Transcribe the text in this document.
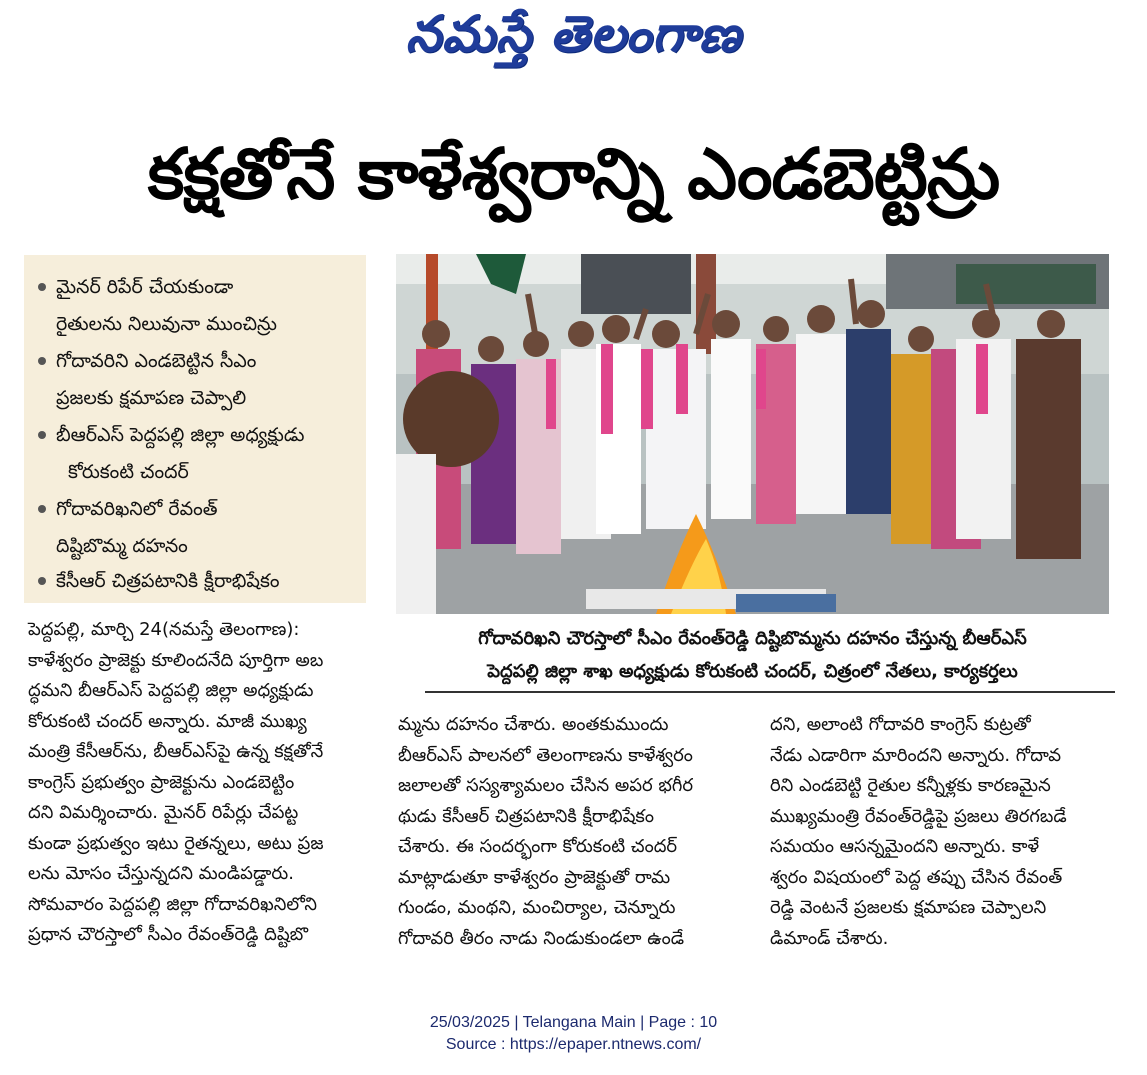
నమస్తే తెలంగాణ
కక్షతోనే కాళేశ్వరాన్ని ఎండబెట్టిన్రు
మైనర్ రిపేర్ చేయకుండా
రైతులను నిలువునా ముంచిన్రు
గోదావరిని ఎండబెట్టిన సీఎం
ప్రజలకు క్షమాపణ చెప్పాలి
బీఆర్ఎస్ పెద్దపల్లి జిల్లా అధ్యక్షుడు
కోరుకంటి చందర్
గోదావరిఖనిలో రేవంత్
దిష్టిబొమ్మ దహనం
కేసీఆర్ చిత్రపటానికి క్షీరాభిషేకం
గోదావరిఖని చౌరస్తాలో సీఎం రేవంత్‌రెడ్డి దిష్టిబొమ్మను దహనం చేస్తున్న బీఆర్ఎస్
పెద్దపల్లి జిల్లా శాఖ అధ్యక్షుడు కోరుకంటి చందర్, చిత్రంలో నేతలు, కార్యకర్తలు
పెద్దపల్లి, మార్చి 24(నమస్తే తెలంగాణ):
కాళేశ్వరం ప్రాజెక్టు కూలిందనేది పూర్తిగా అబ
ద్ధమని బీఆర్ఎస్ పెద్దపల్లి జిల్లా అధ్యక్షుడు
కోరుకంటి చందర్ అన్నారు. మాజీ ముఖ్య
మంత్రి కేసీఆర్‌ను, బీఆర్ఎస్‌పై ఉన్న కక్షతోనే
కాంగ్రెస్ ప్రభుత్వం ప్రాజెక్టును ఎండబెట్టిం
దని విమర్శించారు. మైనర్ రిపేర్లు చేపట్ట
కుండా ప్రభుత్వం ఇటు రైతన్నలు, అటు ప్రజ
లను మోసం చేస్తున్నదని మండిపడ్డారు.
సోమవారం పెద్దపల్లి జిల్లా గోదావరిఖనిలోని
ప్రధాన చౌరస్తాలో సీఎం రేవంత్‌రెడ్డి దిష్టిబొ
మ్మను దహనం చేశారు. అంతకుముందు
బీఆర్ఎస్ పాలనలో తెలంగాణను కాళేశ్వరం
జలాలతో సస్యశ్యామలం చేసిన అపర భగీర
థుడు కేసీఆర్ చిత్రపటానికి క్షీరాభిషేకం
చేశారు. ఈ సందర్భంగా కోరుకంటి చందర్
మాట్లాడుతూ కాళేశ్వరం ప్రాజెక్టుతో రామ
గుండం, మంథని, మంచిర్యాల, చెన్నూరు
గోదావరి తీరం నాడు నిండుకుండలా ఉండే
దని, అలాంటి గోదావరి కాంగ్రెస్ కుట్రతో
నేడు ఎడారిగా మారిందని అన్నారు. గోదావ
రిని ఎండబెట్టి రైతుల కన్నీళ్లకు కారణమైన
ముఖ్యమంత్రి రేవంత్‌రెడ్డిపై ప్రజలు తిరగబడే
సమయం ఆసన్నమైందని అన్నారు. కాళే
శ్వరం విషయంలో పెద్ద తప్పు చేసిన రేవంత్
రెడ్డి వెంటనే ప్రజలకు క్షమాపణ చెప్పాలని
డిమాండ్ చేశారు.
25/03/2025 | Telangana Main | Page : 10
Source : https://epaper.ntnews.com/
